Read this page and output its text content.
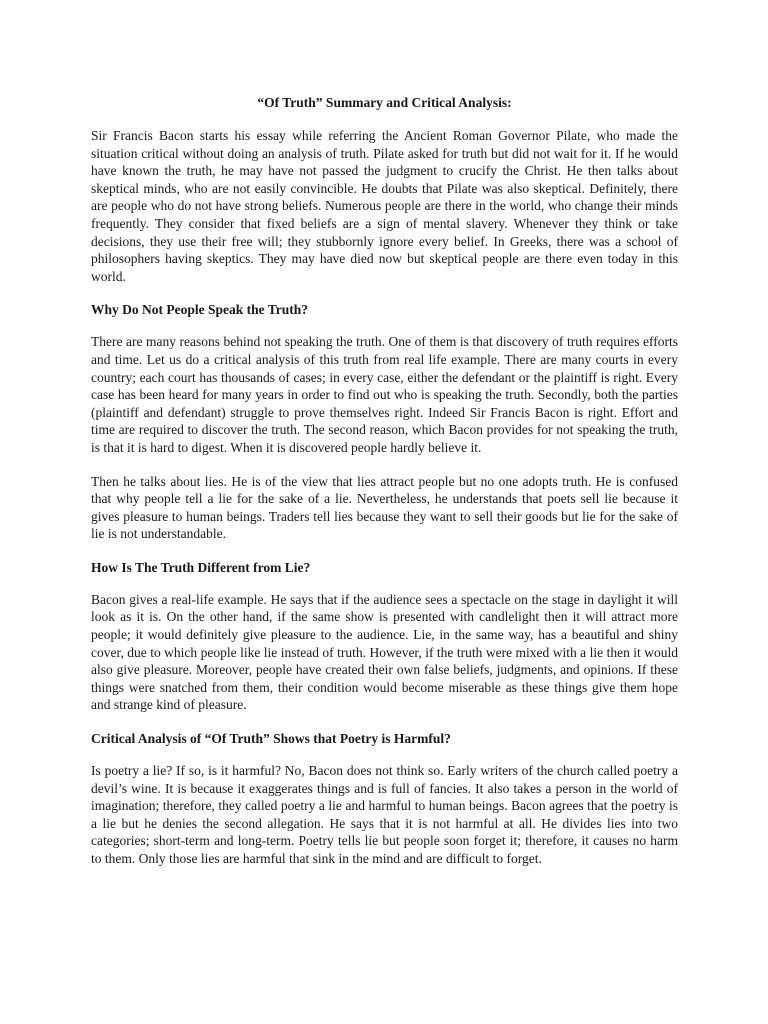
“Of Truth” Summary and Critical Analysis:

Sir Francis Bacon starts his essay while referring the Ancient Roman Governor Pilate, who made the situation critical without doing an analysis of truth. Pilate asked for truth but did not wait for it. If he would have known the truth, he may have not passed the judgment to crucify the Christ. He then talks about skeptical minds, who are not easily convincible. He doubts that Pilate was also skeptical. Definitely, there are people who do not have strong beliefs. Numerous people are there in the world, who change their minds frequently. They consider that fixed beliefs are a sign of mental slavery. Whenever they think or take decisions, they use their free will; they stubbornly ignore every belief. In Greeks, there was a school of philosophers having skeptics. They may have died now but skeptical people are there even today in this world.

Why Do Not People Speak the Truth?

There are many reasons behind not speaking the truth. One of them is that discovery of truth requires efforts and time. Let us do a critical analysis of this truth from real life example. There are many courts in every country; each court has thousands of cases; in every case, either the defendant or the plaintiff is right. Every case has been heard for many years in order to find out who is speaking the truth. Secondly, both the parties (plaintiff and defendant) struggle to prove themselves right. Indeed Sir Francis Bacon is right. Effort and time are required to discover the truth. The second reason, which Bacon provides for not speaking the truth, is that it is hard to digest. When it is discovered people hardly believe it.

Then he talks about lies. He is of the view that lies attract people but no one adopts truth. He is confused that why people tell a lie for the sake of a lie. Nevertheless, he understands that poets sell lie because it gives pleasure to human beings. Traders tell lies because they want to sell their goods but lie for the sake of lie is not understandable.

How Is The Truth Different from Lie?

Bacon gives a real-life example. He says that if the audience sees a spectacle on the stage in daylight it will look as it is. On the other hand, if the same show is presented with candlelight then it will attract more people; it would definitely give pleasure to the audience. Lie, in the same way, has a beautiful and shiny cover, due to which people like lie instead of truth. However, if the truth were mixed with a lie then it would also give pleasure. Moreover, people have created their own false beliefs, judgments, and opinions. If these things were snatched from them, their condition would become miserable as these things give them hope and strange kind of pleasure.

Critical Analysis of “Of Truth” Shows that Poetry is Harmful?

Is poetry a lie? If so, is it harmful? No, Bacon does not think so. Early writers of the church called poetry a devil’s wine. It is because it exaggerates things and is full of fancies. It also takes a person in the world of imagination; therefore, they called poetry a lie and harmful to human beings. Bacon agrees that the poetry is a lie but he denies the second allegation. He says that it is not harmful at all. He divides lies into two categories; short-term and long-term. Poetry tells lie but people soon forget it; therefore, it causes no harm to them. Only those lies are harmful that sink in the mind and are difficult to forget.
